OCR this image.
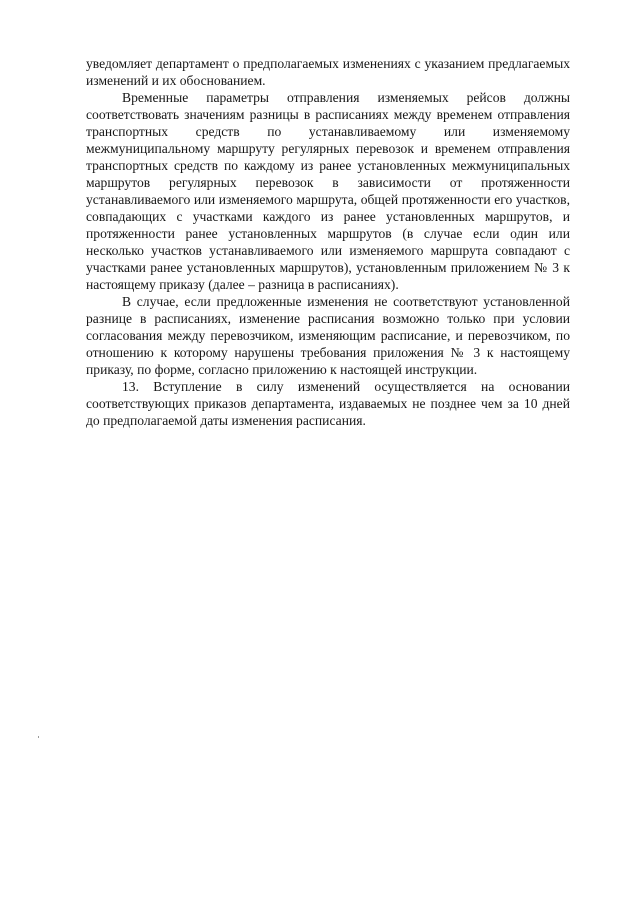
уведомляет департамент о предполагаемых изменениях с указанием предлагаемых изменений и их обоснованием.

Временные параметры отправления изменяемых рейсов должны соответствовать значениям разницы в расписаниях между временем отправления транспортных средств по устанавливаемому или изменяемому межмуниципальному маршруту регулярных перевозок и временем отправления транспортных средств по каждому из ранее установленных межмуниципальных маршрутов регулярных перевозок в зависимости от протяженности устанавливаемого или изменяемого маршрута, общей протяженности его участков, совпадающих с участками каждого из ранее установленных маршрутов, и протяженности ранее установленных маршрутов (в случае если один или несколько участков устанавливаемого или изменяемого маршрута совпадают с участками ранее установленных маршрутов), установленным приложением № 3 к настоящему приказу (далее – разница в расписаниях).

В случае, если предложенные изменения не соответствуют установленной разнице в расписаниях, изменение расписания возможно только при условии согласования между перевозчиком, изменяющим расписание, и перевозчиком, по отношению к которому нарушены требования приложения № 3 к настоящему приказу, по форме, согласно приложению к настоящей инструкции.

13. Вступление в силу изменений осуществляется на основании соответствующих приказов департамента, издаваемых не позднее чем за 10 дней до предполагаемой даты изменения расписания.
